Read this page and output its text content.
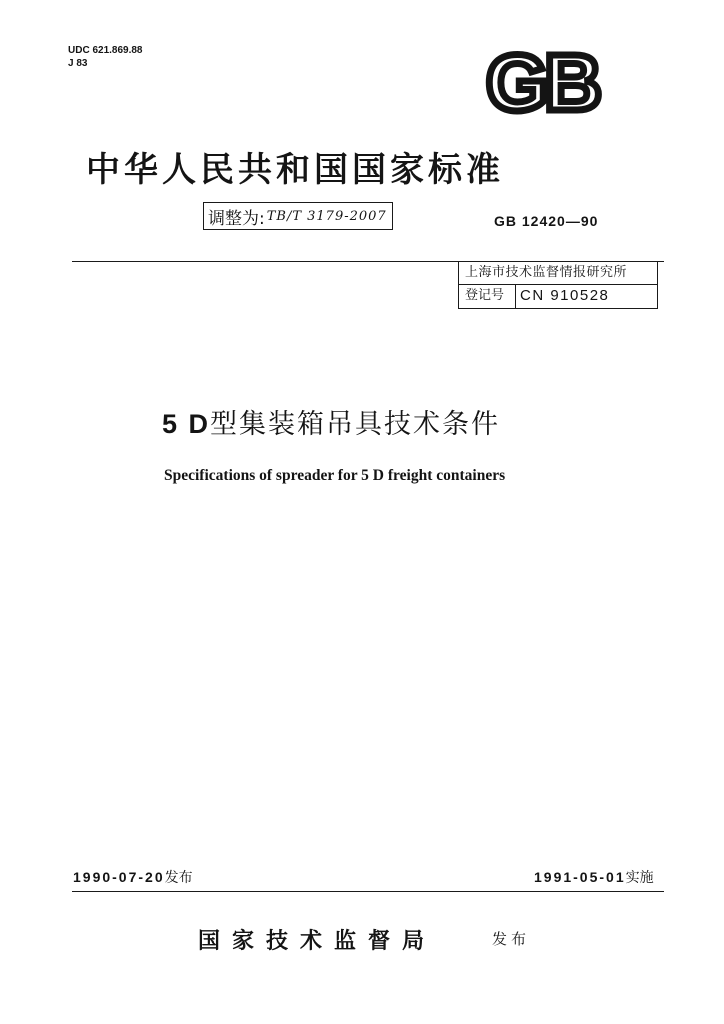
UDC 621.869.88
J 83	GB
中华人民共和国国家标准
调整为: TB/T 3179-2007	GB 12420—90
上海市技术监督情报研究所
登记号	CN 910528
5 D型集装箱吊具技术条件
Specifications of spreader for 5 D freight containers
1990-07-20发布	1991-05-01实施
国家技术监督局	发布
